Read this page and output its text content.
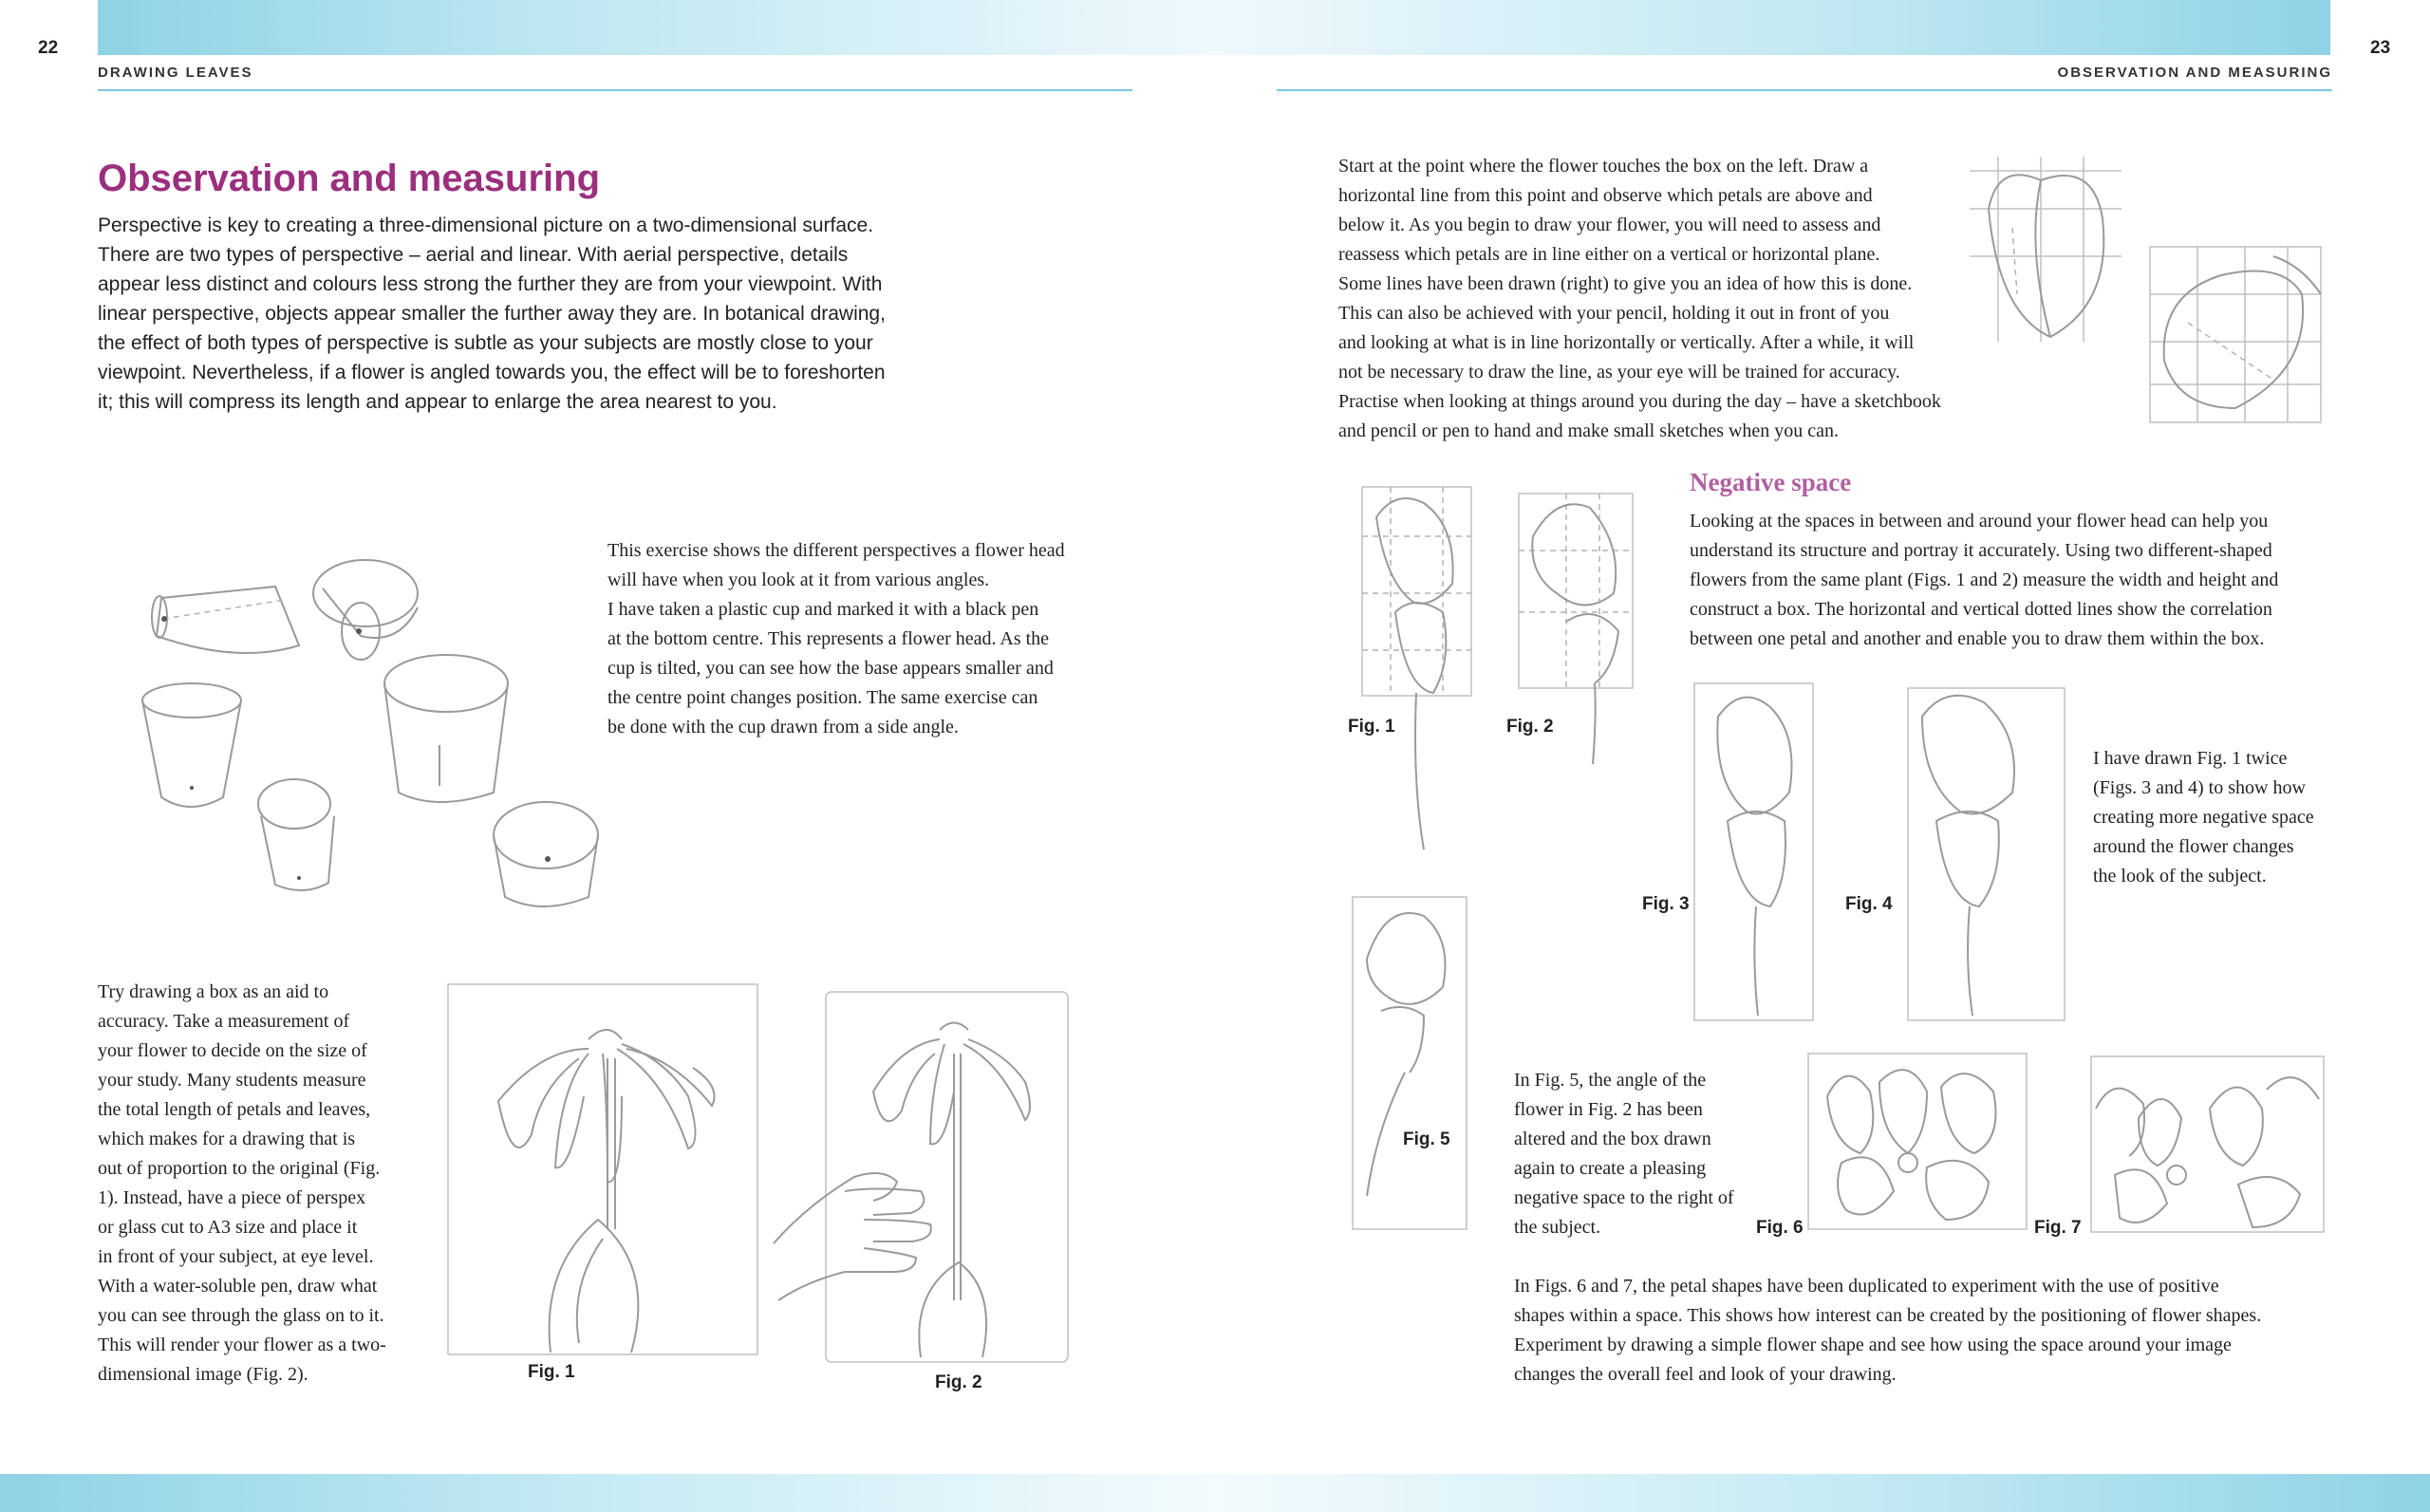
22	23
DRAWING LEAVES	OBSERVATION AND MEASURING
Observation and measuring
Perspective is key to creating a three-dimensional picture on a two-dimensional surface.
There are two types of perspective – aerial and linear. With aerial perspective, details
appear less distinct and colours less strong the further they are from your viewpoint. With
linear perspective, objects appear smaller the further away they are. In botanical drawing,
the effect of both types of perspective is subtle as your subjects are mostly close to your
viewpoint. Nevertheless, if a flower is angled towards you, the effect will be to foreshorten
it; this will compress its length and appear to enlarge the area nearest to you.
This exercise shows the different perspectives a flower head
will have when you look at it from various angles.
I have taken a plastic cup and marked it with a black pen
at the bottom centre. This represents a flower head. As the
cup is tilted, you can see how the base appears smaller and
the centre point changes position. The same exercise can
be done with the cup drawn from a side angle.
Try drawing a box as an aid to
accuracy. Take a measurement of
your flower to decide on the size of
your study. Many students measure
the total length of petals and leaves,
which makes for a drawing that is
out of proportion to the original (Fig.
1). Instead, have a piece of perspex
or glass cut to A3 size and place it
in front of your subject, at eye level.
With a water-soluble pen, draw what
you can see through the glass on to it.
This will render your flower as a two-
dimensional image (Fig. 2).	Fig. 1
Fig. 2
Start at the point where the flower touches the box on the left. Draw a
horizontal line from this point and observe which petals are above and
below it. As you begin to draw your flower, you will need to assess and
reassess which petals are in line either on a vertical or horizontal plane.
Some lines have been drawn (right) to give you an idea of how this is done.
This can also be achieved with your pencil, holding it out in front of you
and looking at what is in line horizontally or vertically. After a while, it will
not be necessary to draw the line, as your eye will be trained for accuracy.
Practise when looking at things around you during the day – have a sketchbook
and pencil or pen to hand and make small sketches when you can.
Negative space
Looking at the spaces in between and around your flower head can help you
understand its structure and portray it accurately. Using two different-shaped
flowers from the same plant (Figs. 1 and 2) measure the width and height and
construct a box. The horizontal and vertical dotted lines show the correlation
between one petal and another and enable you to draw them within the box.
Fig. 1	Fig. 2
Fig. 3	Fig. 4
I have drawn Fig. 1 twice
(Figs. 3 and 4) to show how
creating more negative space
around the flower changes
the look of the subject.
Fig. 5
In Fig. 5, the angle of the
flower in Fig. 2 has been
altered and the box drawn
again to create a pleasing
negative space to the right of
the subject.	Fig. 6	Fig. 7
In Figs. 6 and 7, the petal shapes have been duplicated to experiment with the use of positive
shapes within a space. This shows how interest can be created by the positioning of flower shapes.
Experiment by drawing a simple flower shape and see how using the space around your image
changes the overall feel and look of your drawing.
